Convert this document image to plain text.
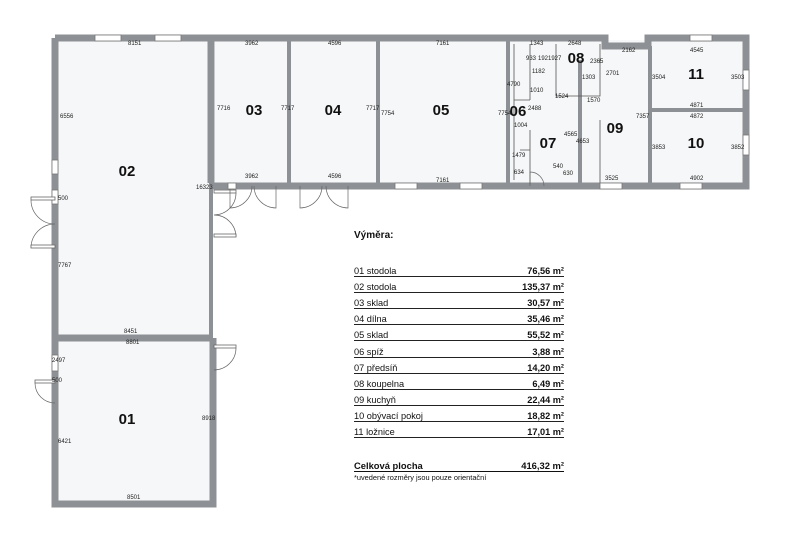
8151
6556
16323
500
7767
8451
8801
2497
500
6421
8918
8501
3962
7716
3962
7717
4596
4596
7717
7161
7754
7161
7754
1343	2648
933 1921927	2365
1182
1303
2162
2701
4790
1010
1524
1570
2488
1004
4565
4653
1479
634
540
630
3525
7357
4545
3504	3503
4871
4872
3853	3852
4902
02
01
03	04	05	06
07
08
09
10
11
Výměra:
01 stodola	76,56 m²
02 stodola	135,37 m²
03 sklad	30,57 m²
04 dílna	35,46 m²
05 sklad	55,52 m²
06 spíž	3,88 m²
07 předsíň	14,20 m²
08 koupelna	6,49 m²
09 kuchyň	22,44 m²
10 obývací pokoj	18,82 m²
11 ložnice	17,01 m²
Celková plocha	416,32 m²
*uvedené rozměry jsou pouze orientační
